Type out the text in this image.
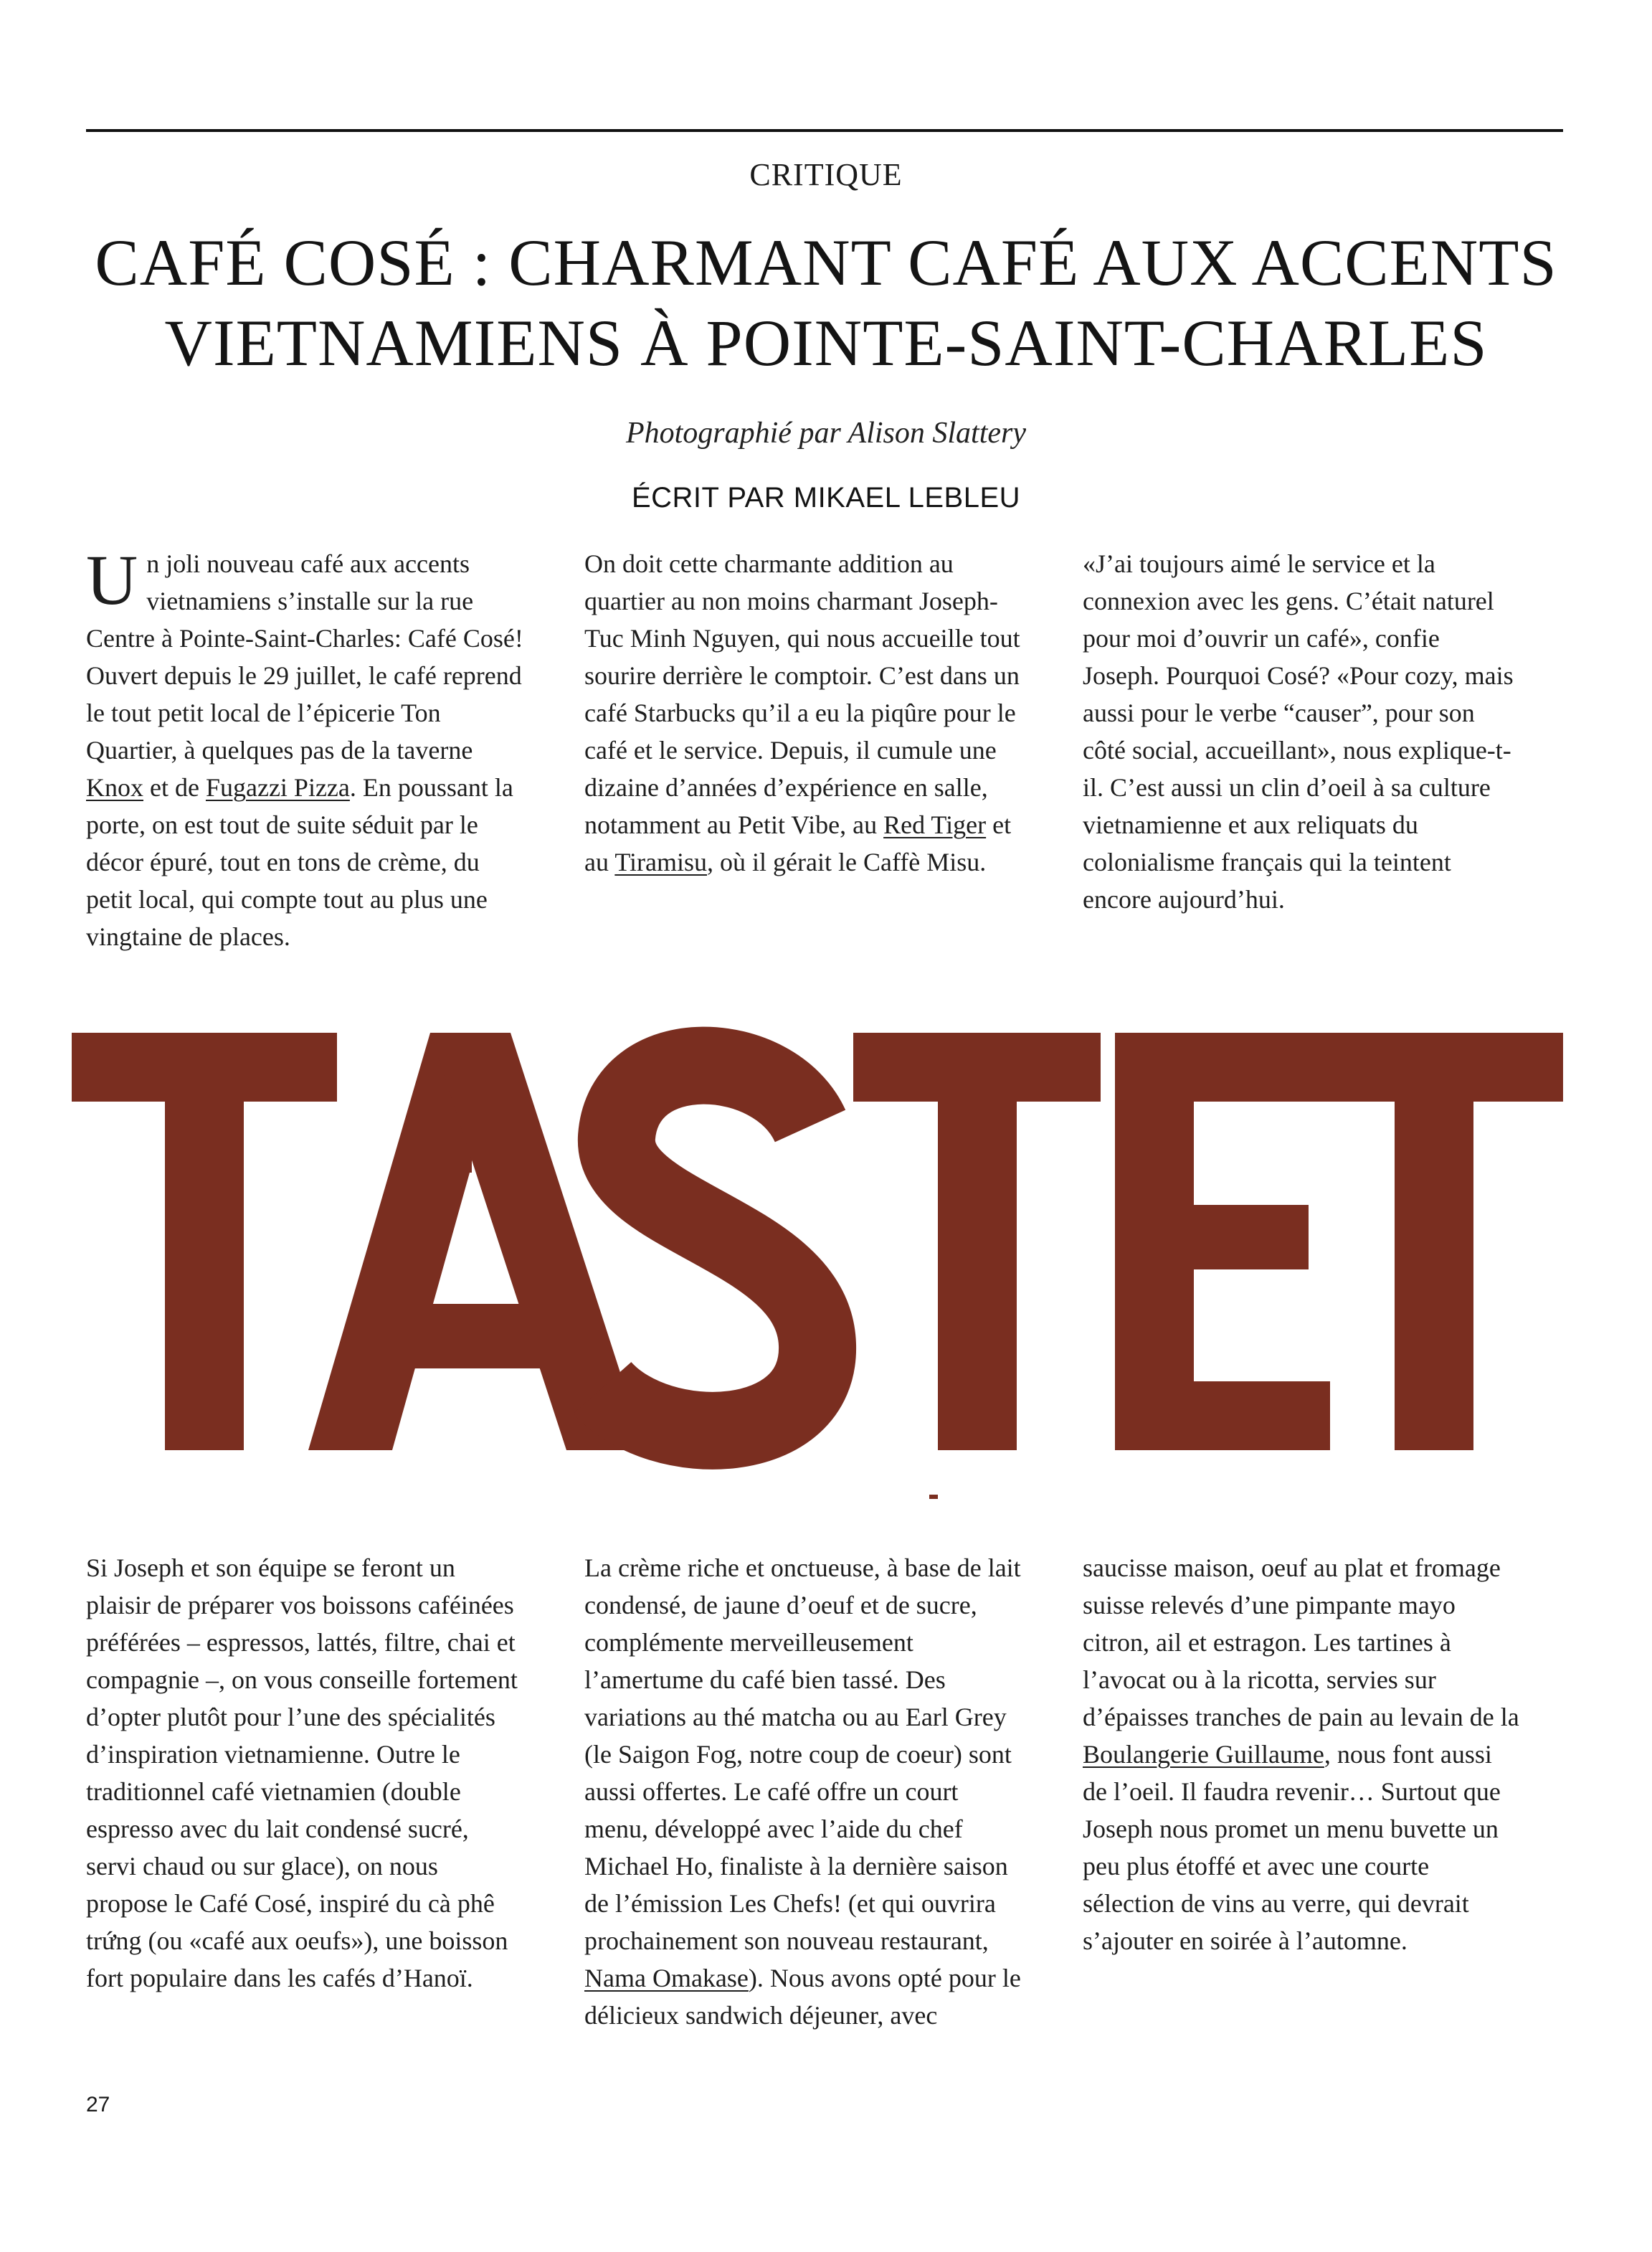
CRITIQUE
CAFÉ COSÉ : CHARMANT CAFÉ AUX ACCENTS
VIETNAMIENS À POINTE-SAINT-CHARLES
Photographié par Alison Slattery
ÉCRIT PAR MIKAEL LEBLEU

Un joli nouveau café aux accents vietnamiens s’installe sur la rue Centre à Pointe-Saint-Charles: Café Cosé! Ouvert depuis le 29 juillet, le café reprend le tout petit local de l’épicerie Ton Quartier, à quelques pas de la taverne Knox et de Fugazzi Pizza. En poussant la porte, on est tout de suite séduit par le décor épuré, tout en tons de crème, du petit local, qui compte tout au plus une vingtaine de places.

On doit cette charmante addition au quartier au non moins charmant Joseph-Tuc Minh Nguyen, qui nous accueille tout sourire derrière le comptoir. C’est dans un café Starbucks qu’il a eu la piqûre pour le café et le service. Depuis, il cumule une dizaine d’années d’expérience en salle, notamment au Petit Vibe, au Red Tiger et au Tiramisu, où il gérait le Caffè Misu.

«J’ai toujours aimé le service et la connexion avec les gens. C’était naturel pour moi d’ouvrir un café», confie Joseph. Pourquoi Cosé? «Pour cozy, mais aussi pour le verbe “causer”, pour son côté social, accueillant», nous explique-t-il. C’est aussi un clin d’oeil à sa culture vietnamienne et aux reliquats du colonialisme français qui la teintent encore aujourd’hui.

Si Joseph et son équipe se feront un plaisir de préparer vos boissons caféinées préférées – espressos, lattés, filtre, chai et compagnie –, on vous conseille fortement d’opter plutôt pour l’une des spécialités d’inspiration vietnamienne. Outre le traditionnel café vietnamien (double espresso avec du lait condensé sucré, servi chaud ou sur glace), on nous propose le Café Cosé, inspiré du cà phê trứng (ou «café aux oeufs»), une boisson fort populaire dans les cafés d’Hanoï.

La crème riche et onctueuse, à base de lait condensé, de jaune d’oeuf et de sucre, complémente merveilleusement l’amertume du café bien tassé. Des variations au thé matcha ou au Earl Grey (le Saigon Fog, notre coup de coeur) sont aussi offertes. Le café offre un court menu, développé avec l’aide du chef Michael Ho, finaliste à la dernière saison de l’émission Les Chefs! (et qui ouvrira prochainement son nouveau restaurant, Nama Omakase). Nous avons opté pour le délicieux sandwich déjeuner, avec

saucisse maison, oeuf au plat et fromage suisse relevés d’une pimpante mayo citron, ail et estragon. Les tartines à l’avocat ou à la ricotta, servies sur d’épaisses tranches de pain au levain de la Boulangerie Guillaume, nous font aussi de l’oeil. Il faudra revenir… Surtout que Joseph nous promet un menu buvette un peu plus étoffé et avec une courte sélection de vins au verre, qui devrait s’ajouter en soirée à l’automne.

27
